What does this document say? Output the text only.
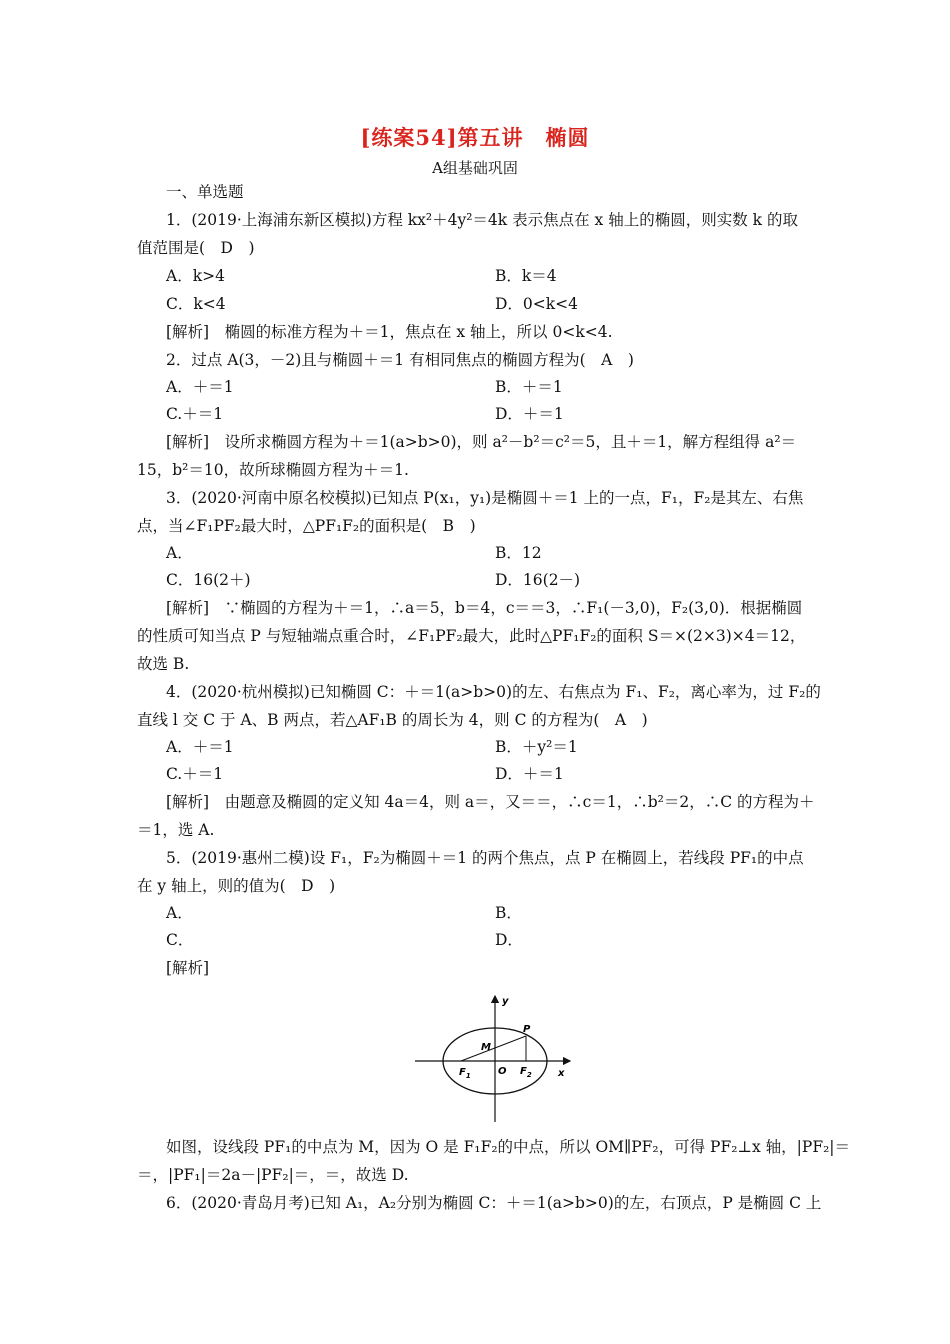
[练案54]第五讲　椭圆
A组基础巩固
一、单选题
1．(2019·上海浦东新区模拟)方程 kx²＋4y²＝4k 表示焦点在 x 轴上的椭圆，则实数 k 的取
值范围是(　D　)
A．k>4	B．k＝4
C．k<4	D．0<k<4
[解析]　椭圆的标准方程为＋＝1，焦点在 x 轴上，所以 0<k<4.
2．过点 A(3，－2)且与椭圆＋＝1 有相同焦点的椭圆方程为(　A　)
A．＋＝1	B．＋＝1
C.＋＝1	D．＋＝1
[解析]　设所求椭圆方程为＋＝1(a>b>0)，则 a²－b²＝c²＝5，且＋＝1，解方程组得 a²＝
15，b²＝10，故所球椭圆方程为＋＝1.
3．(2020·河南中原名校模拟)已知点 P(x₁，y₁)是椭圆＋＝1 上的一点，F₁，F₂是其左、右焦
点，当∠F₁PF₂最大时，△PF₁F₂的面积是(　B　)
A．	B．12
C．16(2＋)	D．16(2－)
[解析]　∵椭圆的方程为＋＝1，∴a＝5，b＝4，c＝＝3，∴F₁(－3,0)，F₂(3,0)．根据椭圆
的性质可知当点 P 与短轴端点重合时，∠F₁PF₂最大，此时△PF₁F₂的面积 S＝×(2×3)×4＝12，
故选 B.
4．(2020·杭州模拟)已知椭圆 C：＋＝1(a>b>0)的左、右焦点为 F₁、F₂，离心率为，过 F₂的
直线 l 交 C 于 A、B 两点，若△AF₁B 的周长为 4，则 C 的方程为(　A　)
A．＋＝1	B．＋y²＝1
C.＋＝1	D．＋＝1
[解析]　由题意及椭圆的定义知 4a＝4，则 a＝，又＝＝，∴c＝1，∴b²＝2，∴C 的方程为＋
＝1，选 A.
5．(2019·惠州二模)设 F₁，F₂为椭圆＋＝1 的两个焦点，点 P 在椭圆上，若线段 PF₁的中点
在 y 轴上，则的值为(　D　)
A．	B．
C．	D．
[解析]
y
x
P
M
O
$F_1$	$F_2$
如图，设线段 PF₁的中点为 M，因为 O 是 F₁F₂的中点，所以 OM∥PF₂，可得 PF₂⊥x 轴，|PF₂|＝
＝，|PF₁|＝2a－|PF₂|＝，＝，故选 D.
6．(2020·青岛月考)已知 A₁，A₂分别为椭圆 C：＋＝1(a>b>0)的左，右顶点，P 是椭圆 C 上
